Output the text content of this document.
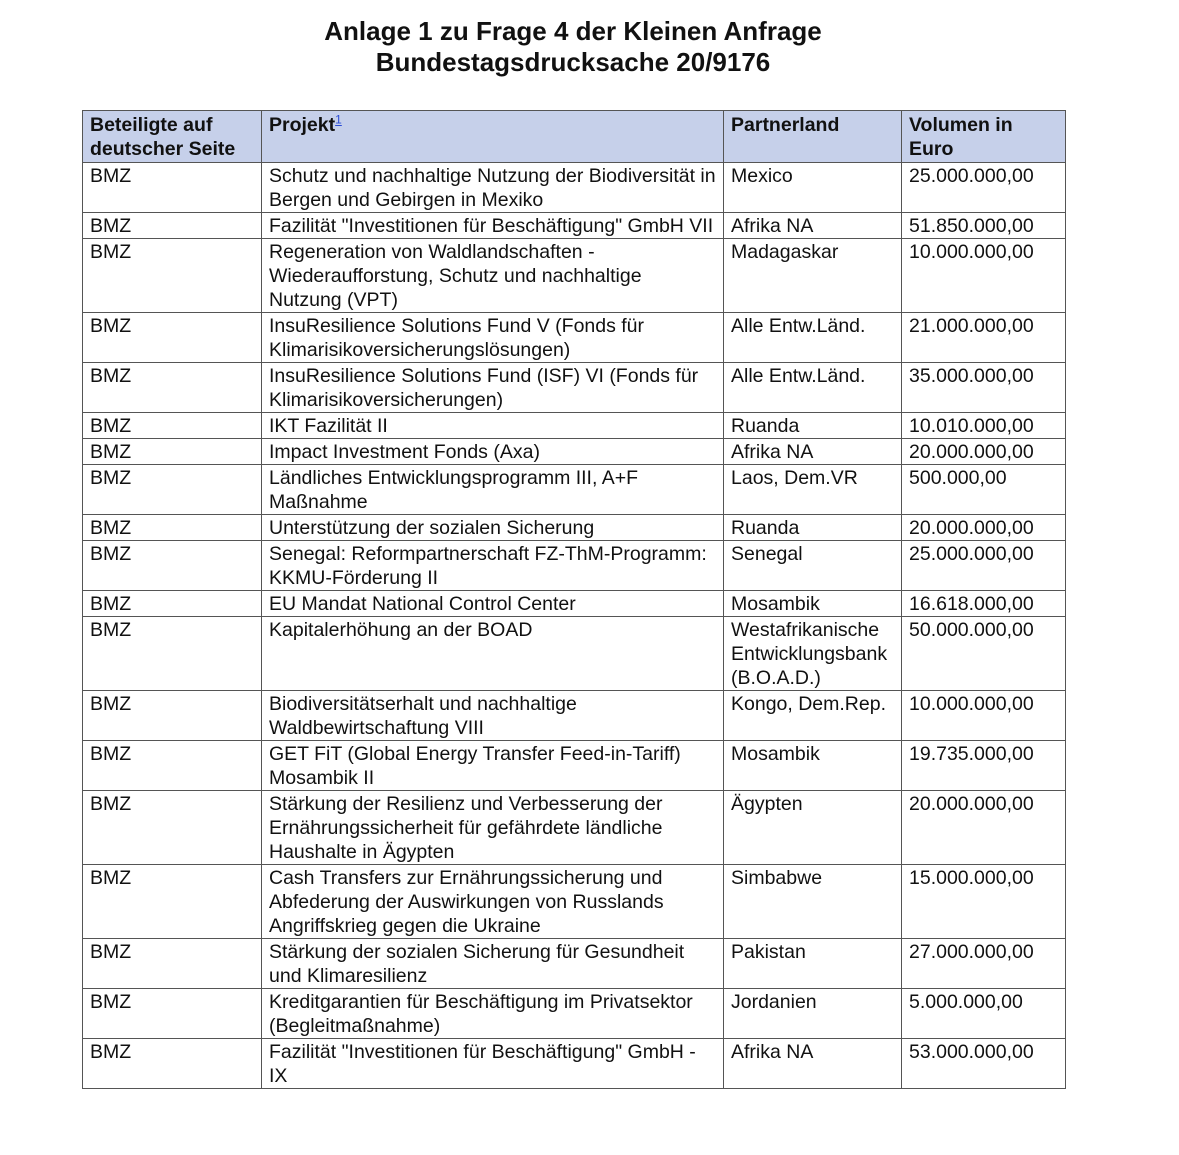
Anlage 1 zu Frage 4 der Kleinen Anfrage
Bundestagsdrucksache 20/9176
Beteiligte auf deutscher Seite	Projekt$^1$	Partnerland	Volumen in Euro
BMZ	Schutz und nachhaltige Nutzung der Biodiversität in Bergen und Gebirgen in Mexiko	Mexico	25.000.000,00
BMZ	Fazilität "Investitionen für Beschäftigung" GmbH VII	Afrika NA	51.850.000,00
BMZ	Regeneration von Waldlandschaften - Wiederaufforstung, Schutz und nachhaltige Nutzung (VPT)	Madagaskar	10.000.000,00
BMZ	InsuResilience Solutions Fund V (Fonds für Klimarisikoversicherungslösungen)	Alle Entw.Länd.	21.000.000,00
BMZ	InsuResilience Solutions Fund (ISF) VI (Fonds für Klimarisikoversicherungen)	Alle Entw.Länd.	35.000.000,00
BMZ	IKT Fazilität II	Ruanda	10.010.000,00
BMZ	Impact Investment Fonds (Axa)	Afrika NA	20.000.000,00
BMZ	Ländliches Entwicklungsprogramm III, A+F Maßnahme	Laos, Dem.VR	500.000,00
BMZ	Unterstützung der sozialen Sicherung	Ruanda	20.000.000,00
BMZ	Senegal: Reformpartnerschaft FZ-ThM-Programm: KKMU-Förderung II	Senegal	25.000.000,00
BMZ	EU Mandat National Control Center	Mosambik	16.618.000,00
BMZ	Kapitalerhöhung an der BOAD	Westafrikanische Entwicklungsbank (B.O.A.D.)	50.000.000,00
BMZ	Biodiversitätserhalt und nachhaltige Waldbewirtschaftung VIII	Kongo, Dem.Rep.	10.000.000,00
BMZ	GET FiT (Global Energy Transfer Feed-in-Tariff) Mosambik II	Mosambik	19.735.000,00
BMZ	Stärkung der Resilienz und Verbesserung der Ernährungssicherheit für gefährdete ländliche Haushalte in Ägypten	Ägypten	20.000.000,00
BMZ	Cash Transfers zur Ernährungssicherung und Abfederung der Auswirkungen von Russlands Angriffskrieg gegen die Ukraine	Simbabwe	15.000.000,00
BMZ	Stärkung der sozialen Sicherung für Gesundheit und Klimaresilienz	Pakistan	27.000.000,00
BMZ	Kreditgarantien für Beschäftigung im Privatsektor (Begleitmaßnahme)	Jordanien	5.000.000,00
BMZ	Fazilität "Investitionen für Beschäftigung" GmbH - IX	Afrika NA	53.000.000,00
